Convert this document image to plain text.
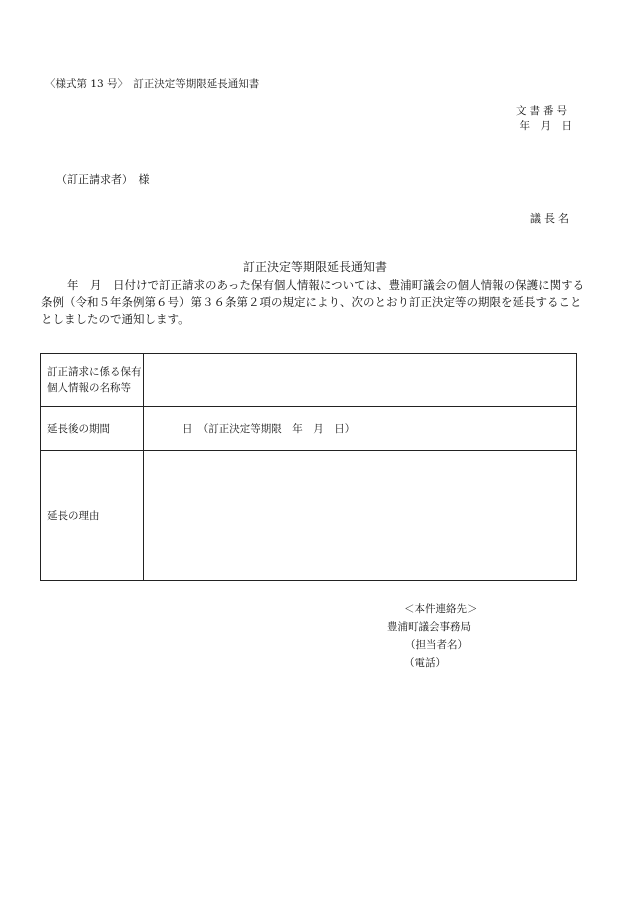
〈様式第 13 号〉　訂正決定等期限延長通知書
文書番号
年　月　日
（訂正請求者）　様
議長名
訂正決定等期限延長通知書
年　月　日付けで訂正請求のあった保有個人情報については、豊浦町議会の個人情報の保護に関する条例（令和５年条例第６号）第３６条第２項の規定により、次のとおり訂正決定等の期限を延長することとしましたので通知します。
訂正請求に係る保有個人情報の名称等	
延長後の期間	日　（訂正決定等期限　年　月　日）
延長の理由	
＜本件連絡先＞
豊浦町議会事務局
（担当者名）
（電話）
